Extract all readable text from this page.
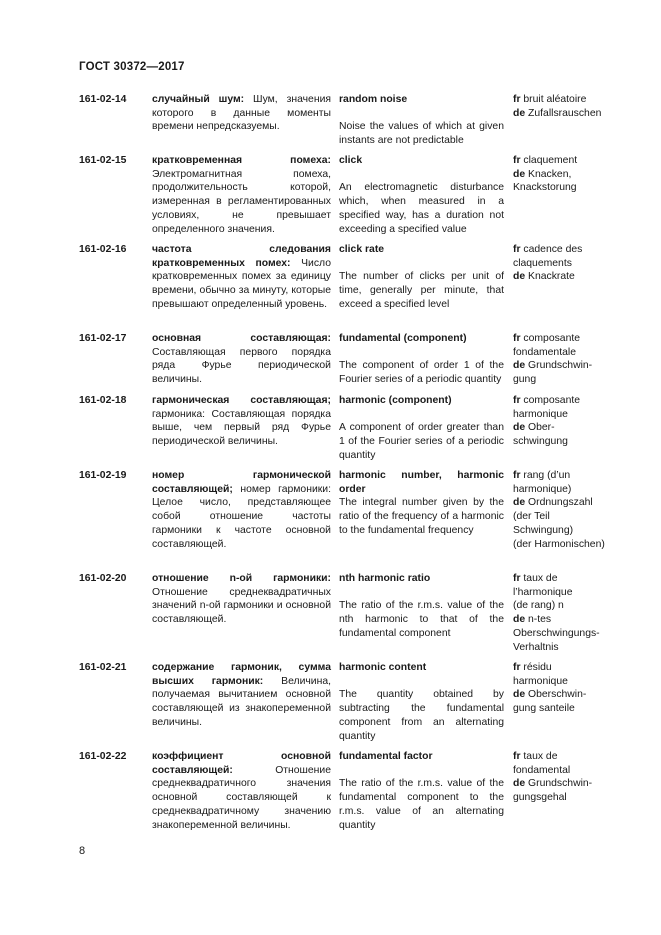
ГОСТ 30372—2017
161-02-14 случайный шум: Шум, значения которого в данные моменты времени непредсказуемы.
random noise
Noise the values of which at given instants are not predictable
fr bruit aléatoire
de Zufallsrauschen
161-02-15 кратковременная помеха: Электромагнитная помеха, продолжительность которой, измеренная в регламентированных условиях, не превышает определенного значения.
click
An electromagnetic disturbance which, when measured in a specified way, has a duration not exceeding a specified value
fr claquement
de Knacken,
Knackstorung
161-02-16 частота следования кратковременных помех: Число кратковременных помех за единицу времени, обычно за минуту, которые превышают определенный уровень.
click rate
The number of clicks per unit of time, generally per minute, that exceed a specified level
fr cadence des
claquements
de Knackrate
161-02-17 основная составляющая: Составляющая первого порядка ряда Фурье периодической величины.
fundamental (component)
The component of order 1 of the Fourier series of a periodic quantity
fr composante
fondamentale
de Grundschwin-
gung
161-02-18 гармоническая составляющая; гармоника: Составляющая порядка выше, чем первый ряд Фурье периодической величины.
harmonic (component)
A component of order greater than 1 of the Fourier series of a periodic quantity
fr composante
harmonique
de Ober-
schwingung
161-02-19 номер гармонической составляющей; номер гармоники: Целое число, представляющее собой отношение частоты гармоники к частоте основной составляющей.
harmonic number, harmonic order
The integral number given by the ratio of the frequency of a harmonic to the fundamental frequency
fr rang (d’un
harmonique)
de Ordnungszahl
(der Teil
Schwingung)
(der Harmonischen)
161-02-20 отношение n-ой гармоники: Отношение среднеквадратичных значений n-ой гармоники и основной составляющей.
nth harmonic ratio
The ratio of the r.m.s. value of the nth harmonic to that of the fundamental component
fr taux de
l’harmonique
(de rang) n
de n-tes
Oberschwingungs-
Verhaltnis
161-02-21 содержание гармоник, сумма высших гармоник: Величина, получаемая вычитанием основной составляющей из знакопеременной величины.
harmonic content
The quantity obtained by subtracting the fundamental component from an alternating quantity
fr résidu
harmonique
de Oberschwin-
gung santeile
161-02-22 коэффициент основной составляющей:	Отношение среднеквадратичного значения основной составляющей к среднеквадратичному значению знакопеременной величины.
fundamental factor
The ratio of the r.m.s. value of the fundamental component to the r.m.s. value of an alternating quantity
fr taux de
fondamental
de Grundschwin-
gungsgehal
8
